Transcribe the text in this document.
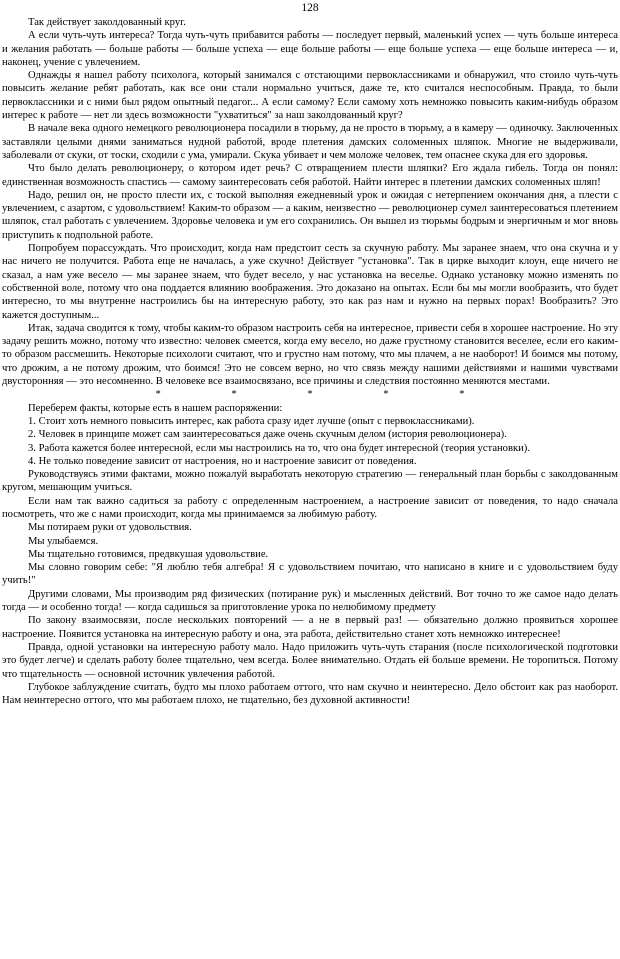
128

Так действует заколдованный круг.

А если чуть-чуть интереса? Тогда чуть-чуть прибавится работы — последует первый, маленький успех — чуть больше интереса и желания работать — больше работы — больше успеха — еще больше работы — еще больше успеха — еще больше интереса — и, наконец, учение с увлечением.

Однажды я нашел работу психолога, который занимался с отстающими первоклассниками и обнаружил, что стоило чуть-чуть повысить желание ребят работать, как все они стали нормально учиться, даже те, кто считался неспособным. Правда, то были первоклассники и с ними был рядом опытный педагог... А если самому? Если самому хоть немножко повысить каким-нибудь образом интерес к работе — нет ли здесь возможности "ухватиться" за наш заколдованный круг?

В начале века одного немецкого революционера посадили в тюрьму, да не просто в тюрьму, а в камеру — одиночку. Заключенных заставляли целыми днями заниматься нудной работой, вроде плетения дамских соломенных шляпок. Многие не выдерживали, заболевали от скуки, от тоски, сходили с ума, умирали. Скука убивает и чем моложе человек, тем опаснее скука для его здоровья.

Что было делать революционеру, о котором идет речь? С отвращением плести шляпки? Его ждала гибель. Тогда он понял: единственная возможность спастись — самому заинтересовать себя работой. Найти интерес в плетении дамских соломенных шляп!

Надо, решил он, не просто плести их, с тоской выполняя ежедневный урок и ожидая с нетерпением окончания дня, а плести с увлечением, с азартом, с удовольствием! Каким-то образом — а каким, неизвестно — революционер сумел заинтересоваться плетением шляпок, стал работать с увлечением. Здоровье человека и ум его сохранились. Он вышел из тюрьмы бодрым и энергичным и мог вновь приступить к подпольной работе.

Попробуем порассуждать. Что происходит, когда нам предстоит сесть за скучную работу. Мы заранее знаем, что она скучна и у нас ничего не получится. Работа еще не началась, а уже скучно! Действует "установка". Так в цирке выходит клоун, еще ничего не сказал, а нам уже весело — мы заранее знаем, что будет весело, у нас установка на веселье. Однако установку можно изменять по собственной воле, потому что она поддается влиянию воображения. Это доказано на опытах. Если бы мы могли вообразить, что будет интересно, то мы внутренне настроились бы на интересную работу, это как раз нам и нужно на первых порах! Вообразить? Это кажется доступным...

Итак, задача сводится к тому, чтобы каким-то образом настроить себя на интересное, привести себя в хорошее настроение. Но эту задачу решить можно, потому что известно: человек смеется, когда ему весело, но даже грустному становится веселее, если его каким-то образом рассмешить. Некоторые психологи считают, что и грустно нам потому, что мы плачем, а не наоборот! И боимся мы потому, что дрожим, а не потому дрожим, что боимся! Это не совсем верно, но что связь между нашими действиями и нашими чувствами двусторонняя — это несомненно. В человеке все взаимосвязано, все причины и следствия постоянно меняются местами.

* * * * *

Переберем факты, которые есть в нашем распоряжении:

1. Стоит хоть немного повысить интерес, как работа сразу идет лучше (опыт с первоклассниками).

2. Человек в принципе может сам заинтересоваться даже очень скучным делом (история революционера).

3. Работа кажется более интересной, если мы настроились на то, что она будет интересной (теория установки).

4. Не только поведение зависит от настроения, но и настроение зависит от поведения.

Руководствуясь этими фактами, можно пожалуй выработать некоторую стратегию — генеральный план борьбы с заколдованным кругом, мешающим учиться.

Если нам так важно садиться за работу с определенным настроением, а настроение зависит от поведения, то надо сначала посмотреть, что же с нами происходит, когда мы принимаемся за любимую работу.

Мы потираем руки от удовольствия.

Мы улыбаемся.

Мы тщательно готовимся, предвкушая удовольствие.

Мы словно говорим себе: "Я люблю тебя алгебра! Я с удовольствием почитаю, что написано в книге и с удовольствием буду учить!"

Другими словами, Мы производим ряд физических (потирание рук) и мысленных действий. Вот точно то же самое надо делать тогда — и особенно тогда! — когда садишься за приготовление урока по нелюбимому предмету

По закону взаимосвязи, после нескольких повторений — а не в первый раз! — обязательно должно проявиться хорошее настроение. Появится установка на интересную работу и она, эта работа, действительно станет хоть немножко интереснее!

Правда, одной установки на интересную работу мало. Надо приложить чуть-чуть старания (после психологической подготовки это будет легче) и сделать работу более тщательно, чем всегда. Более внимательно. Отдать ей больше времени. Не торопиться. Потому что тщательность — основной источник увлечения работой.

Глубокое заблуждение считать, будто мы плохо работаем оттого, что нам скучно и неинтересно. Дело обстоит как раз наоборот. Нам неинтересно оттого, что мы работаем плохо, не тщательно, без духовной активности!
